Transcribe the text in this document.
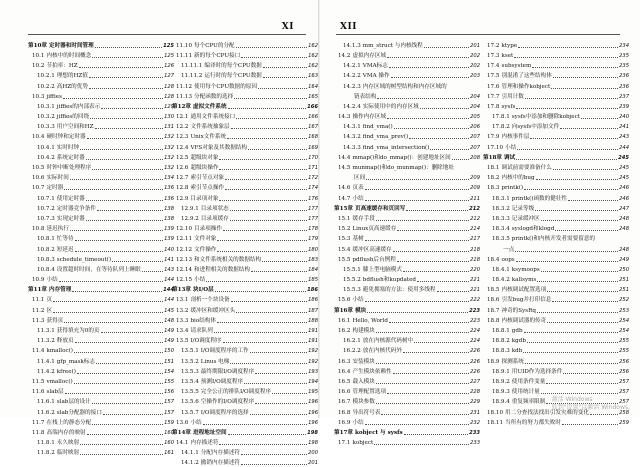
XI
第10章 定时器和时间管理	125
10.1 内核中的时间概念	125
10.2 节拍率：HZ	126
10.2.1 理想的HZ值	127
10.2.2 高HZ的优势	128
10.3 jiffies	128
10.3.1 jiffies的内部表示	129
10.3.2 jiffies的回绕	130
10.3.3 用户空间和HZ	131
10.4 硬时钟和定时器	132
10.4.1 实时时钟	132
10.4.2 系统定时器	132
10.5 时钟中断处理程序	132
10.6 实际时间	134
10.7 定时器	136
10.7.1 使用定时器	136
10.7.2 定时器竞争条件	138
10.7.3 实现定时器	138
10.8 延迟执行	139
10.8.1 忙等待	139
10.8.2 短延迟	140
10.8.3 schedule_timeout()	141
10.8.4 设置超时时间，在等待队列上睡眠	143
10.9 小结	144
第11章 内存管理	144
11.1 页	144
11.2 区	145
11.3 获得页	148
11.3.1 获得填充为0的页	149
11.3.2 释放页	149
11.4 kmalloc()	150
11.4.1 gfp_mask标志	151
11.4.2 kfree()	154
11.5 vmalloc()	155
11.6 slab层	156
11.6.1 slab层的设计	157
11.6.2 slab分配器的接口	157
11.7 在栈上的静态分配	159
11.8 高端内存的映射	160
11.8.1 永久映射	160
11.8.2 临时映射	161
11.10 每个CPU的分配	162
11.11 新的每个CPU接口	162
11.11.1 编译时的每个CPU数据	162
11.11.2 运行时的每个CPU数据	163
11.12 使用每个CPU数据的原因	164
11.13 分配函数的选择	165
第12章 虚拟文件系统	166
12.1 通用文件系统接口	166
12.2 文件系统抽象层	167
12.3 Unix文件系统	168
12.4 VFS对象及其数据结构	169
12.5 超级块对象	170
12.6 超级块操作	171
12.7 索引节点对象	172
12.8 索引节点操作	174
12.9 目录项对象	176
12.9.1 目录项状态	177
12.9.2 目录项缓存	177
12.10 目录项操作	178
12.11 文件对象	179
12.12 文件操作	180
12.13 和文件系统相关的数据结构	183
12.14 和进程相关的数据结构	184
12.15 小结	185
第13章 块I/O层	186
13.1 剖析一个块设备	186
13.2 缓冲区和缓冲区头	187
13.3 bio结构体	188
13.4 请求队列	191
13.5 I/O调度程序	191
13.5.1 I/O调度程序的工作	192
13.5.2 Linus 电梯	192
13.5.3 最终期限I/O调度程序	193
13.5.4 预测I/O调度程序	194
13.5.5 完全公正的排队I/O调度程序	195
13.5.6 空操作的I/O调度程序	196
13.5.7 I/O调度程序的选择	196
13.6 小结	196
第14章 进程地址空间	198
14.1 内存描述符	198
14.1.1 分配内存描述符	200
14.1.2 撤销内存描述符	201
XII
14.1.3 mm_struct 与内核线程	201
14.2 虚拟内存区域	202
14.2.1 VMA标志	202
14.2.2 VMA 操作	203
14.2.3 内存区域的树型结构和内存区域的
链表结构	204
14.2.4 实际使用中的内存区域	204
14.3 操作内存区域	205
14.3.1 find_vma()	206
14.3.2 find_vma_prev()	207
14.3.3 find_vma_intersection()	207
14.4 mmap()和do_mmap()：创建地址区间	208
14.5 munmap()和do_munmap()：删除地址
区间	209
14.6 页表	209
14.7 小结	211
第15章 页高速缓存和页回写	212
15.1 缓存手段	212
15.2 Linux页高速缓存	214
15.3 基树	217
15.4 缓冲区高速缓存	218
15.5 pdflush后台例程	218
15.5.1 膝上型电脑模式	220
15.5.2 bdflush和kupdated	221
15.5.3 避免拥塞的方法：使用多线程	221
15.6 小结	222
第16章 模块	223
16.1 Hello, World	223
16.2 构建模块	224
16.2.1 放在内核源代码树中	224
16.2.2 放在内核代码外	226
16.3 安装模块	226
16.4 产生模块依赖性	226
16.5 载入模块	227
16.6 管理配置选项	228
16.7 模块参数	229
16.8 导出符号表	231
16.9 小结	232
第17章 kobject 与 sysfs	233
17.1 kobject	233
17.2 ktype	234
17.3 kset	235
17.4 subsystem	235
17.5 别混淆了这些结构体	236
17.6 管理和操作kobject	236
17.7 引用计数	237
17.8 sysfs	239
17.8.1 sysfs中添加和删除kobject	240
17.8.2 向sysfs中添加文件	241
17.9 内核事件层	243
17.10 小结	244
第18章 调试	245
18.1 调试前需要准备什么	245
18.2 内核中的bug	245
18.3 printk()	246
18.3.1 printk()函数的健壮性	246
18.3.2 记录等级	247
18.3.3 记录缓冲区	248
18.3.4 syslogd和klogd	248
18.3.5 printk()和内核开发者需要留意的
一点	248
18.4 oops	249
18.4.1 ksymoops	250
18.4.2 kallsyms	251
18.5 内核调试配置选项	251
18.6 引发bug并打印信息	252
18.7 神奇的SysRq	253
18.8 内核调试器的传奇	254
18.8.1 gdb	254
18.8.2 kgdb	255
18.8.3 kdb	255
18.9 探测系统	256
18.9.1 用UID作为选择条件	256
18.9.2 使用条件变量	257
18.9.3 使用统计量	257
18.9.4 重复频率限制	257
18.10 用二分查找法找出引发灾难的变化	258
18.11 当所有的努力都失败时	259
激活 Windows
转到"设置"以激活 Windows。
